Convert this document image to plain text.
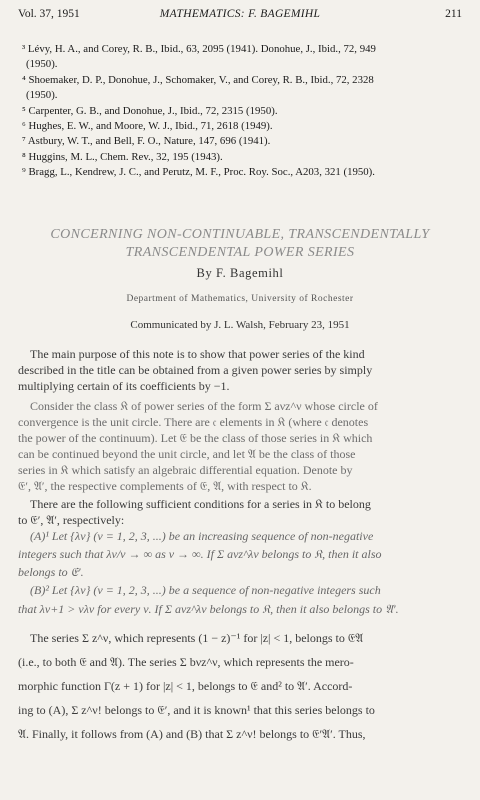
Vol. 37, 1951	MATHEMATICS: F. BAGEMIHL	211
³ Lévy, H. A., and Corey, R. B., Ibid., 63, 2095 (1941). Donohue, J., Ibid., 72, 949
(1950).
⁴ Shoemaker, D. P., Donohue, J., Schomaker, V., and Corey, R. B., Ibid., 72, 2328
(1950).
⁵ Carpenter, G. B., and Donohue, J., Ibid., 72, 2315 (1950).
⁶ Hughes, E. W., and Moore, W. J., Ibid., 71, 2618 (1949).
⁷ Astbury, W. T., and Bell, F. O., Nature, 147, 696 (1941).
⁸ Huggins, M. L., Chem. Rev., 32, 195 (1943).
⁹ Bragg, L., Kendrew, J. C., and Perutz, M. F., Proc. Roy. Soc., A203, 321 (1950).
CONCERNING NON-CONTINUABLE, TRANSCENDENTALLY
TRANSCENDENTAL POWER SERIES
By F. Bagemihl
Department of Mathematics, University of Rochester
Communicated by J. L. Walsh, February 23, 1951
The main purpose of this note is to show that power series of the kind
described in the title can be obtained from a given power series by simply
multiplying certain of its coefficients by −1.
Consider the class 𝔎 of power series of the form Σ aνz^ν whose circle of
convergence is the unit circle. There are 𝔠 elements in 𝔎 (where 𝔠 denotes
the power of the continuum). Let 𝔈 be the class of those series in 𝔎 which
can be continued beyond the unit circle, and let 𝔄 be the class of those
series in 𝔎 which satisfy an algebraic differential equation. Denote by
𝔈′, 𝔄′, the respective complements of 𝔈, 𝔄, with respect to 𝔎.
There are the following sufficient conditions for a series in 𝔎 to belong
to 𝔈′, 𝔄′, respectively:
(A)¹ Let {λν} (ν = 1, 2, 3, ...) be an increasing sequence of non-negative
integers such that λν/ν → ∞ as ν → ∞. If Σ aνz^λν belongs to 𝔎, then it also
belongs to 𝔈′.
(B)² Let {λν} (ν = 1, 2, 3, ...) be a sequence of non-negative integers such
that λν+1 > νλν for every ν. If Σ aνz^λν belongs to 𝔎, then it also belongs to 𝔄′.
The series Σ z^ν, which represents (1 − z)⁻¹ for |z| < 1, belongs to 𝔈𝔄
(i.e., to both 𝔈 and 𝔄). The series Σ bνz^ν, which represents the mero-
morphic function Γ(z + 1) for |z| < 1, belongs to 𝔈 and² to 𝔄′. Accord-
ing to (A), Σ z^ν! belongs to 𝔈′, and it is known¹ that this series belongs to
𝔄. Finally, it follows from (A) and (B) that Σ z^ν! belongs to 𝔈′𝔄′. Thus,
